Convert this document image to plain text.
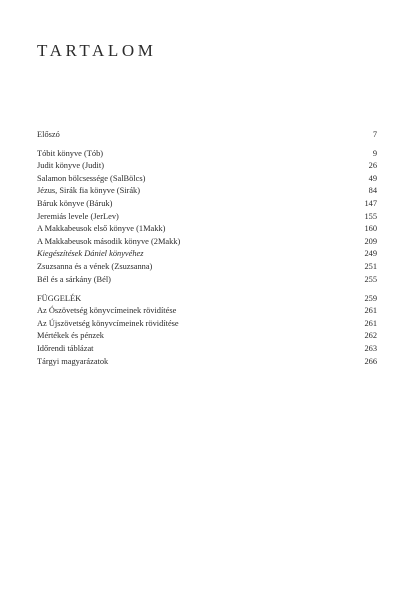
TARTALOM
Előszó	7
Tóbit könyve (Tób)	9
Judit könyve (Judit)	26
Salamon bölcsessége (SalBölcs)	49
Jézus, Sirák fia könyve (Sirák)	84
Báruk könyve (Báruk)	147
Jeremiás levele (JerLev)	155
A Makkabeusok első könyve (1Makk)	160
A Makkabeusok második könyve (2Makk)	209
Kiegészítések Dániel könyvéhez	249
Zsuzsanna és a vének (Zsuzsanna)	251
Bél és a sárkány (Bél)	255
FÜGGELÉK	259
Az Ószövetség könyvcímeinek rövidítése	261
Az Újszövetség könyvcímeinek rövidítése	261
Mértékek és pénzek	262
Időrendi táblázat	263
Tárgyi magyarázatok	266
